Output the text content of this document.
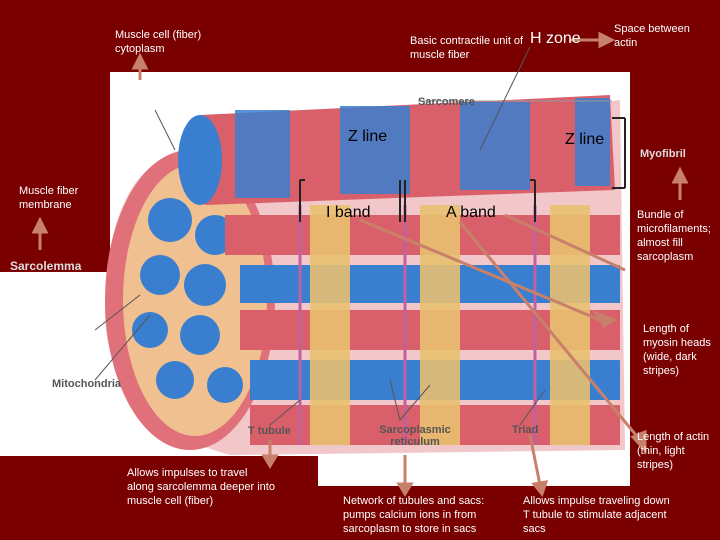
Muscle cell (fiber) cytoplasm
Basic contractile unit of muscle fiber
H zone
Space between actin
Sarcoplasm	Sarcomere
Z line	Z line
Myofibril
Muscle fiber membrane	I band	A band	Bundle of microfilaments; almost fill sarcoplasm
Sarcolemma
Length of myosin heads (wide, dark stripes)
Mitochondria
Length of actin (thin, light stripes)
T tubule	Sarcoplasmic reticulum
Triad
Allows impulses to travel along sarcolemma deeper into muscle cell (fiber)	Network of tubules and sacs: pumps calcium ions in from sarcoplasm to store in sacs
Allows impulse traveling down T tubule to stimulate adjacent sacs
